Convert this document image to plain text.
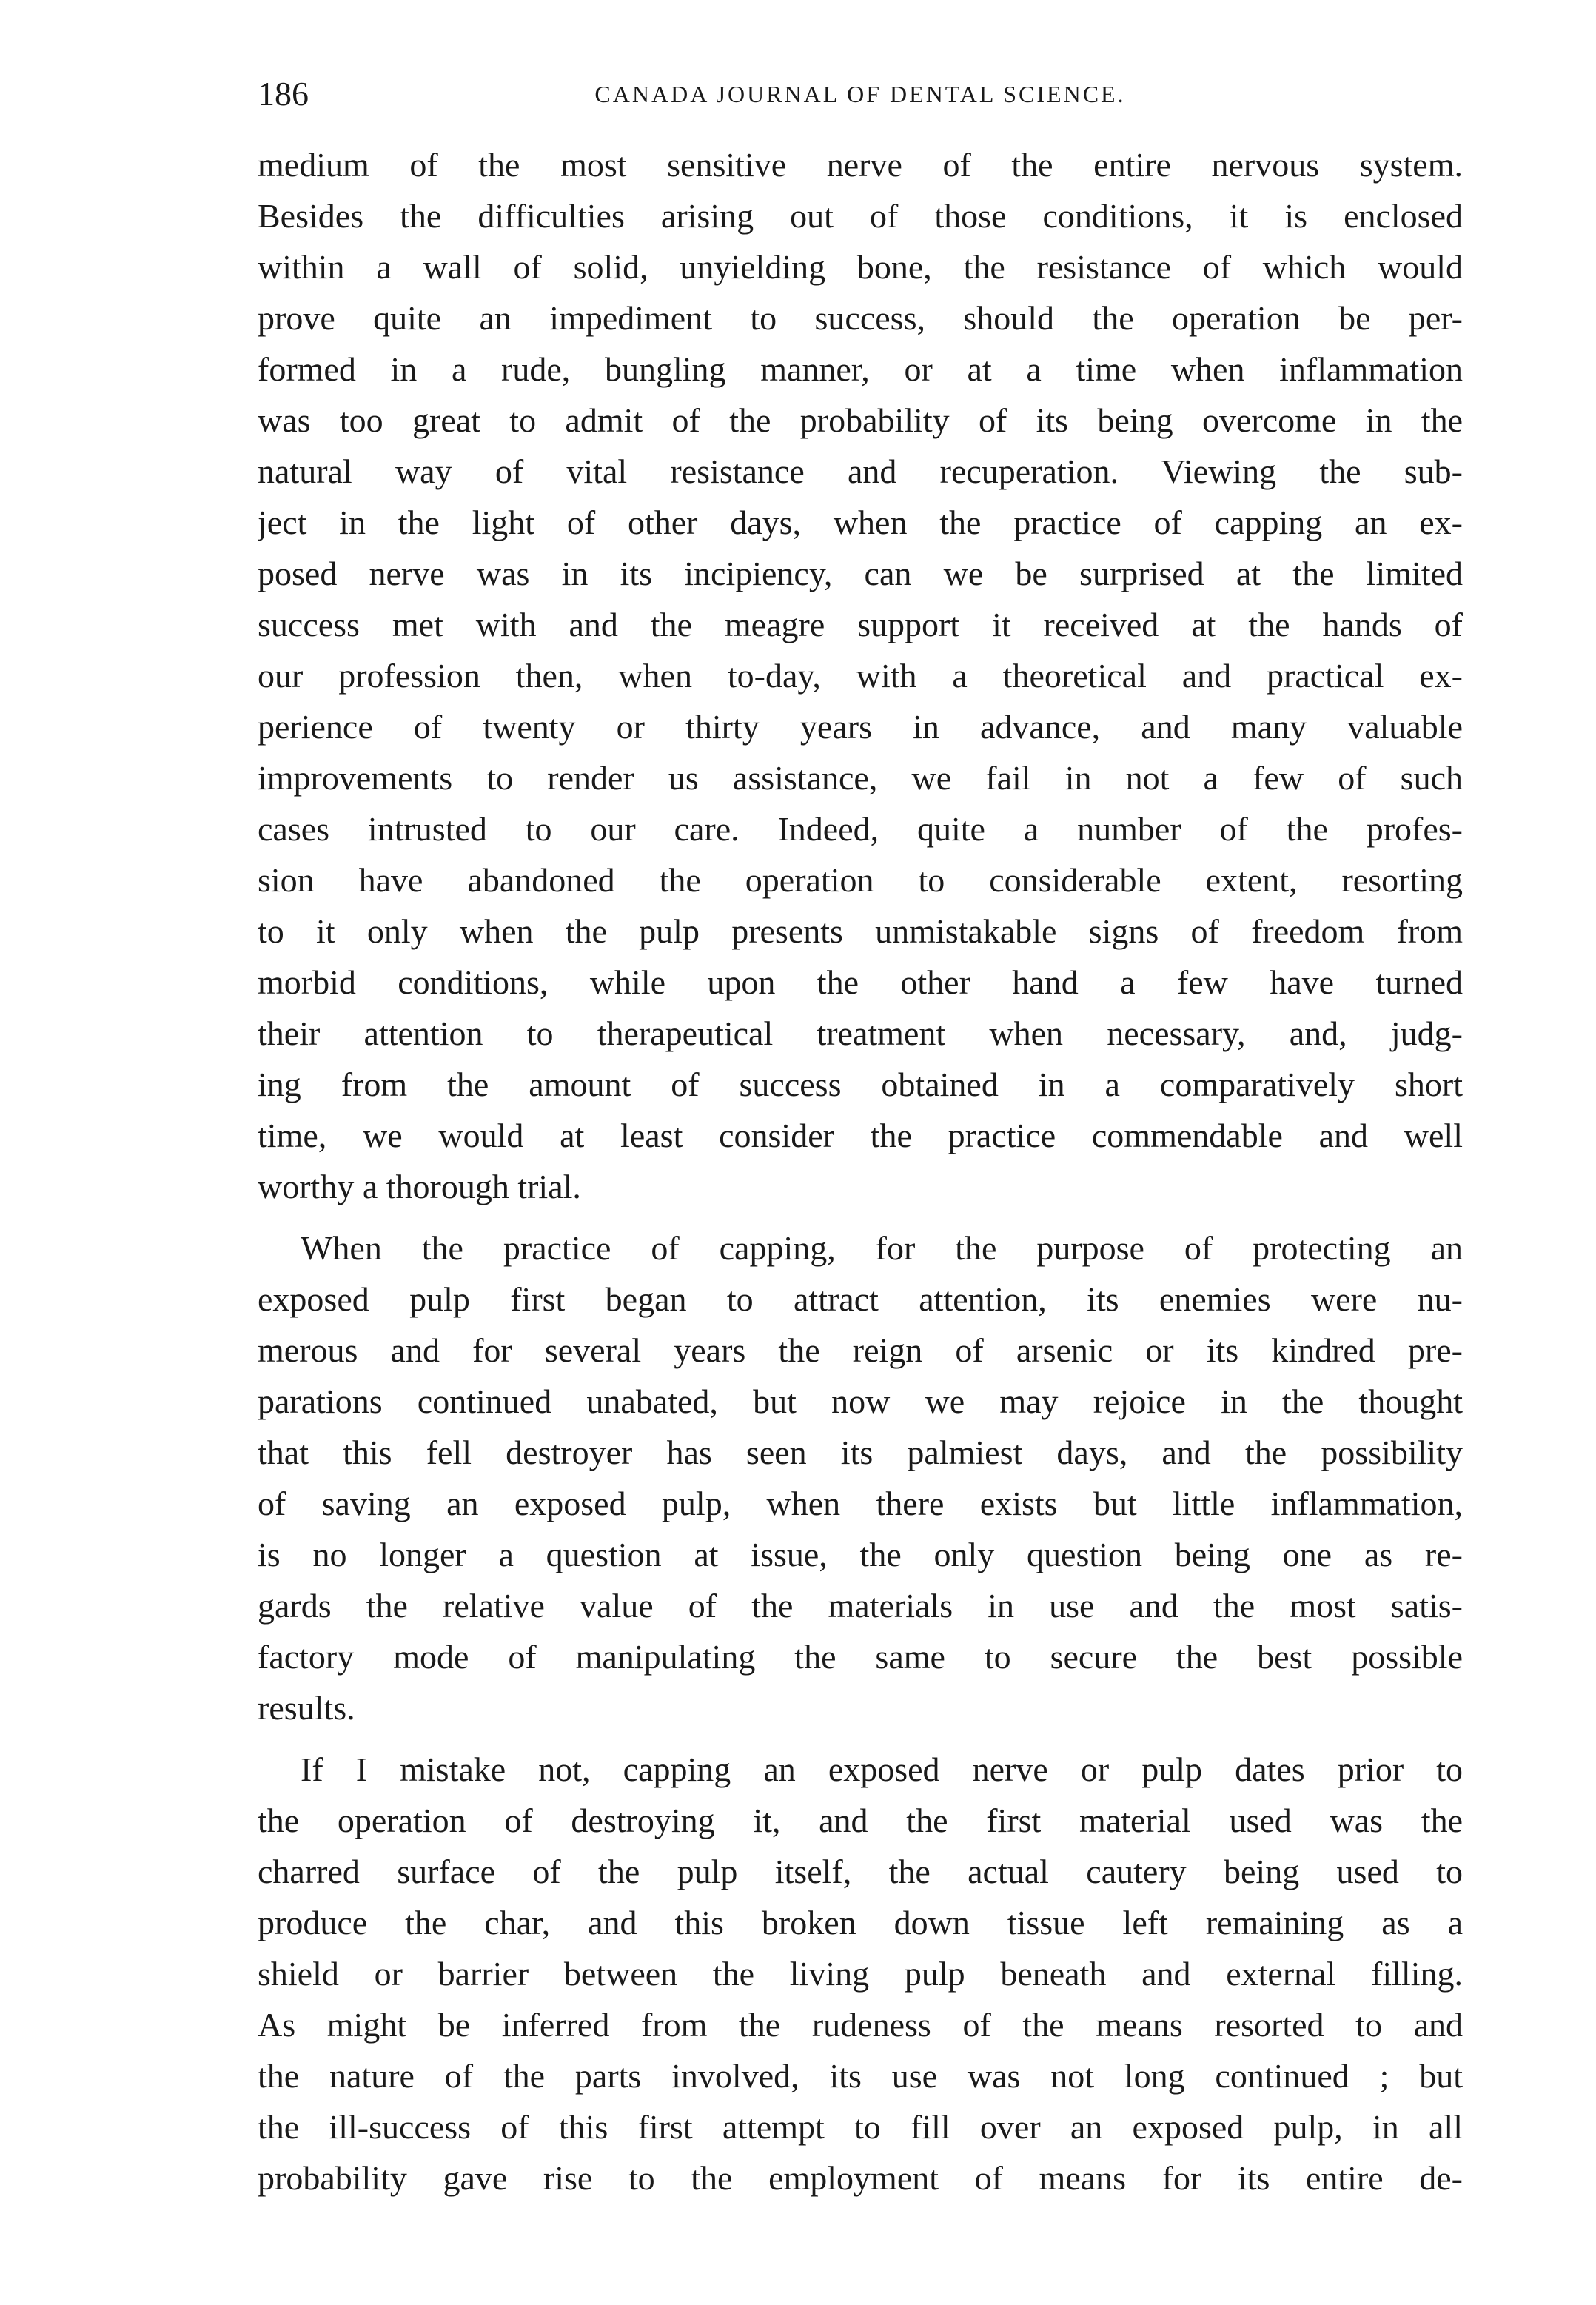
186	CANADA JOURNAL OF DENTAL SCIENCE.
medium of the most sensitive nerve of the entire nervous system.
Besides the difficulties arising out of those conditions, it is enclosed
within a wall of solid, unyielding bone, the resistance of which would
prove quite an impediment to success, should the operation be per-
formed in a rude, bungling manner, or at a time when inflammation
was too great to admit of the probability of its being overcome in the
natural way of vital resistance and recuperation. Viewing the sub-
ject in the light of other days, when the practice of capping an ex-
posed nerve was in its incipiency, can we be surprised at the limited
success met with and the meagre support it received at the hands of
our profession then, when to-day, with a theoretical and practical ex-
perience of twenty or thirty years in advance, and many valuable
improvements to render us assistance, we fail in not a few of such
cases intrusted to our care. Indeed, quite a number of the profes-
sion have abandoned the operation to considerable extent, resorting
to it only when the pulp presents unmistakable signs of freedom from
morbid conditions, while upon the other hand a few have turned
their attention to therapeutical treatment when necessary, and, judg-
ing from the amount of success obtained in a comparatively short
time, we would at least consider the practice commendable and well
worthy a thorough trial.
When the practice of capping, for the purpose of protecting an
exposed pulp first began to attract attention, its enemies were nu-
merous and for several years the reign of arsenic or its kindred pre-
parations continued unabated, but now we may rejoice in the thought
that this fell destroyer has seen its palmiest days, and the possibility
of saving an exposed pulp, when there exists but little inflammation,
is no longer a question at issue, the only question being one as re-
gards the relative value of the materials in use and the most satis-
factory mode of manipulating the same to secure the best possible
results.
If I mistake not, capping an exposed nerve or pulp dates prior to
the operation of destroying it, and the first material used was the
charred surface of the pulp itself, the actual cautery being used to
produce the char, and this broken down tissue left remaining as a
shield or barrier between the living pulp beneath and external filling.
As might be inferred from the rudeness of the means resorted to and
the nature of the parts involved, its use was not long continued ; but
the ill-success of this first attempt to fill over an exposed pulp, in all
probability gave rise to the employment of means for its entire de-
